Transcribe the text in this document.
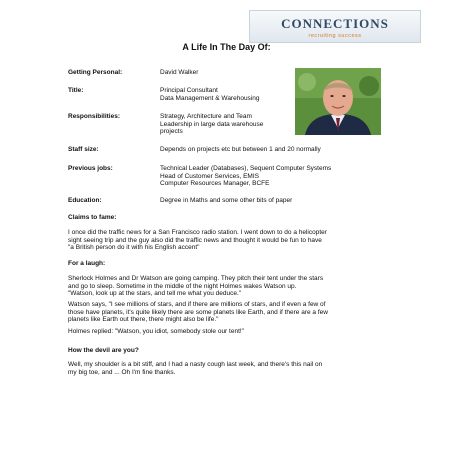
CONNECTIONS
recruiting success
A Life In The Day Of:
Getting Personal:	David Walker
Title:	Principal Consultant
Data Management & Warehousing
Responsibilities:	Strategy, Architecture and Team
Leadership in large data warehouse
projects
Staff size:	Depends on projects etc but between 1 and 20 normally
Previous jobs:	Technical Leader (Databases), Sequent Computer Systems
Head of Customer Services, EMIS
Computer Resources Manager, BCFE
Education:	Degree in Maths and some other bits of paper
Claims to fame:
I once did the traffic news for a San Francisco radio station. I went down to do a helicopter
sight seeing trip and the guy also did the traffic news and thought it would be fun to have
"a British person do it with his English accent"
For a laugh:
Sherlock Holmes and Dr Watson are going camping. They pitch their tent under the stars
and go to sleep. Sometime in the middle of the night Holmes wakes Watson up.
"Watson, look up at the stars, and tell me what you deduce."
Watson says, "I see millions of stars, and if there are millions of stars, and if even a few of
those have planets, it's quite likely there are some planets like Earth, and if there are a few
planets like Earth out there, there might also be life."
Holmes replied: "Watson, you idiot, somebody stole our tent!"
How the devil are you?
Well, my shoulder is a bit stiff, and I had a nasty cough last week, and there's this nail on
my big toe, and ... Oh I'm fine thanks.
